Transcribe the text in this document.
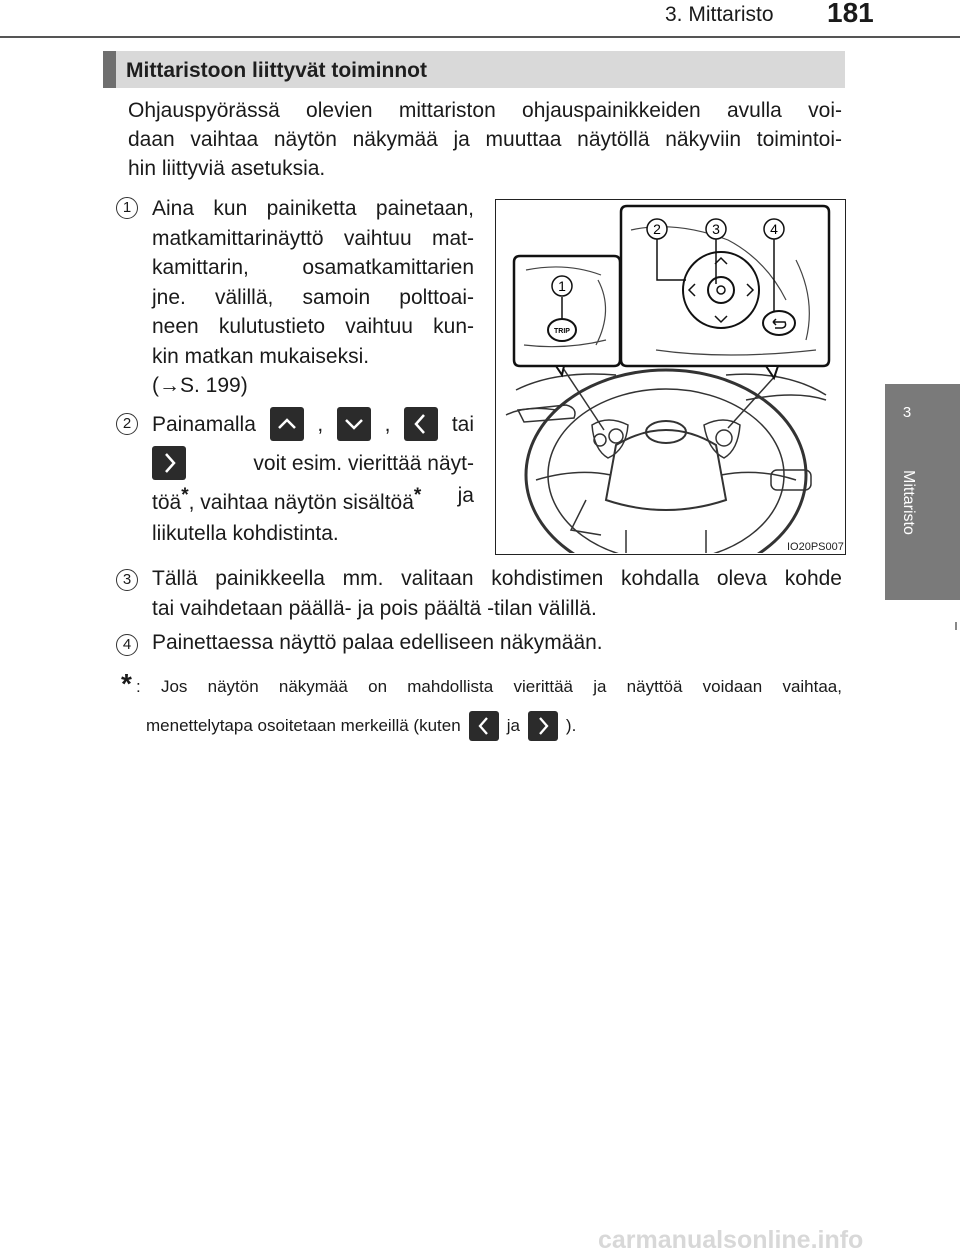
3. Mittaristo 181
3
Mittaristo
Mittaristoon liittyvät toiminnot
Ohjauspyörässä olevien mittariston ohjauspainikkeiden avulla voi-
daan vaihtaa näytön näkymää ja muuttaa näytöllä näkyviin toimintoi-
hin liittyviä asetuksia.
1 Aina kun painiketta painetaan,
matkamittarinäyttö vaihtuu mat-
kamittarin, osamatkamittarien
jne. välillä, samoin polttoai-
neen kulutustieto vaihtuu kun-
kin matkan mukaiseksi.
(→S. 199)
2 Painamalla	,	,	tai
voit esim. vierittää näyt-
töä*, vaihtaa näytön sisältöä* ja
liikutella kohdistinta.
TRIP
1
2	3	4
IO20PS007
3 Tällä painikkeella mm. valitaan kohdistimen kohdalla oleva kohde
tai vaihdetaan päällä- ja pois päältä -tilan välillä.
4 Painettaessa näyttö palaa edelliseen näkymään.
* : Jos näytön näkymää on mahdollista vierittää ja näyttöä voidaan vaihtaa,
menettelytapa osoitetaan merkeillä (kuten	ja	).
carmanualsonline.info
